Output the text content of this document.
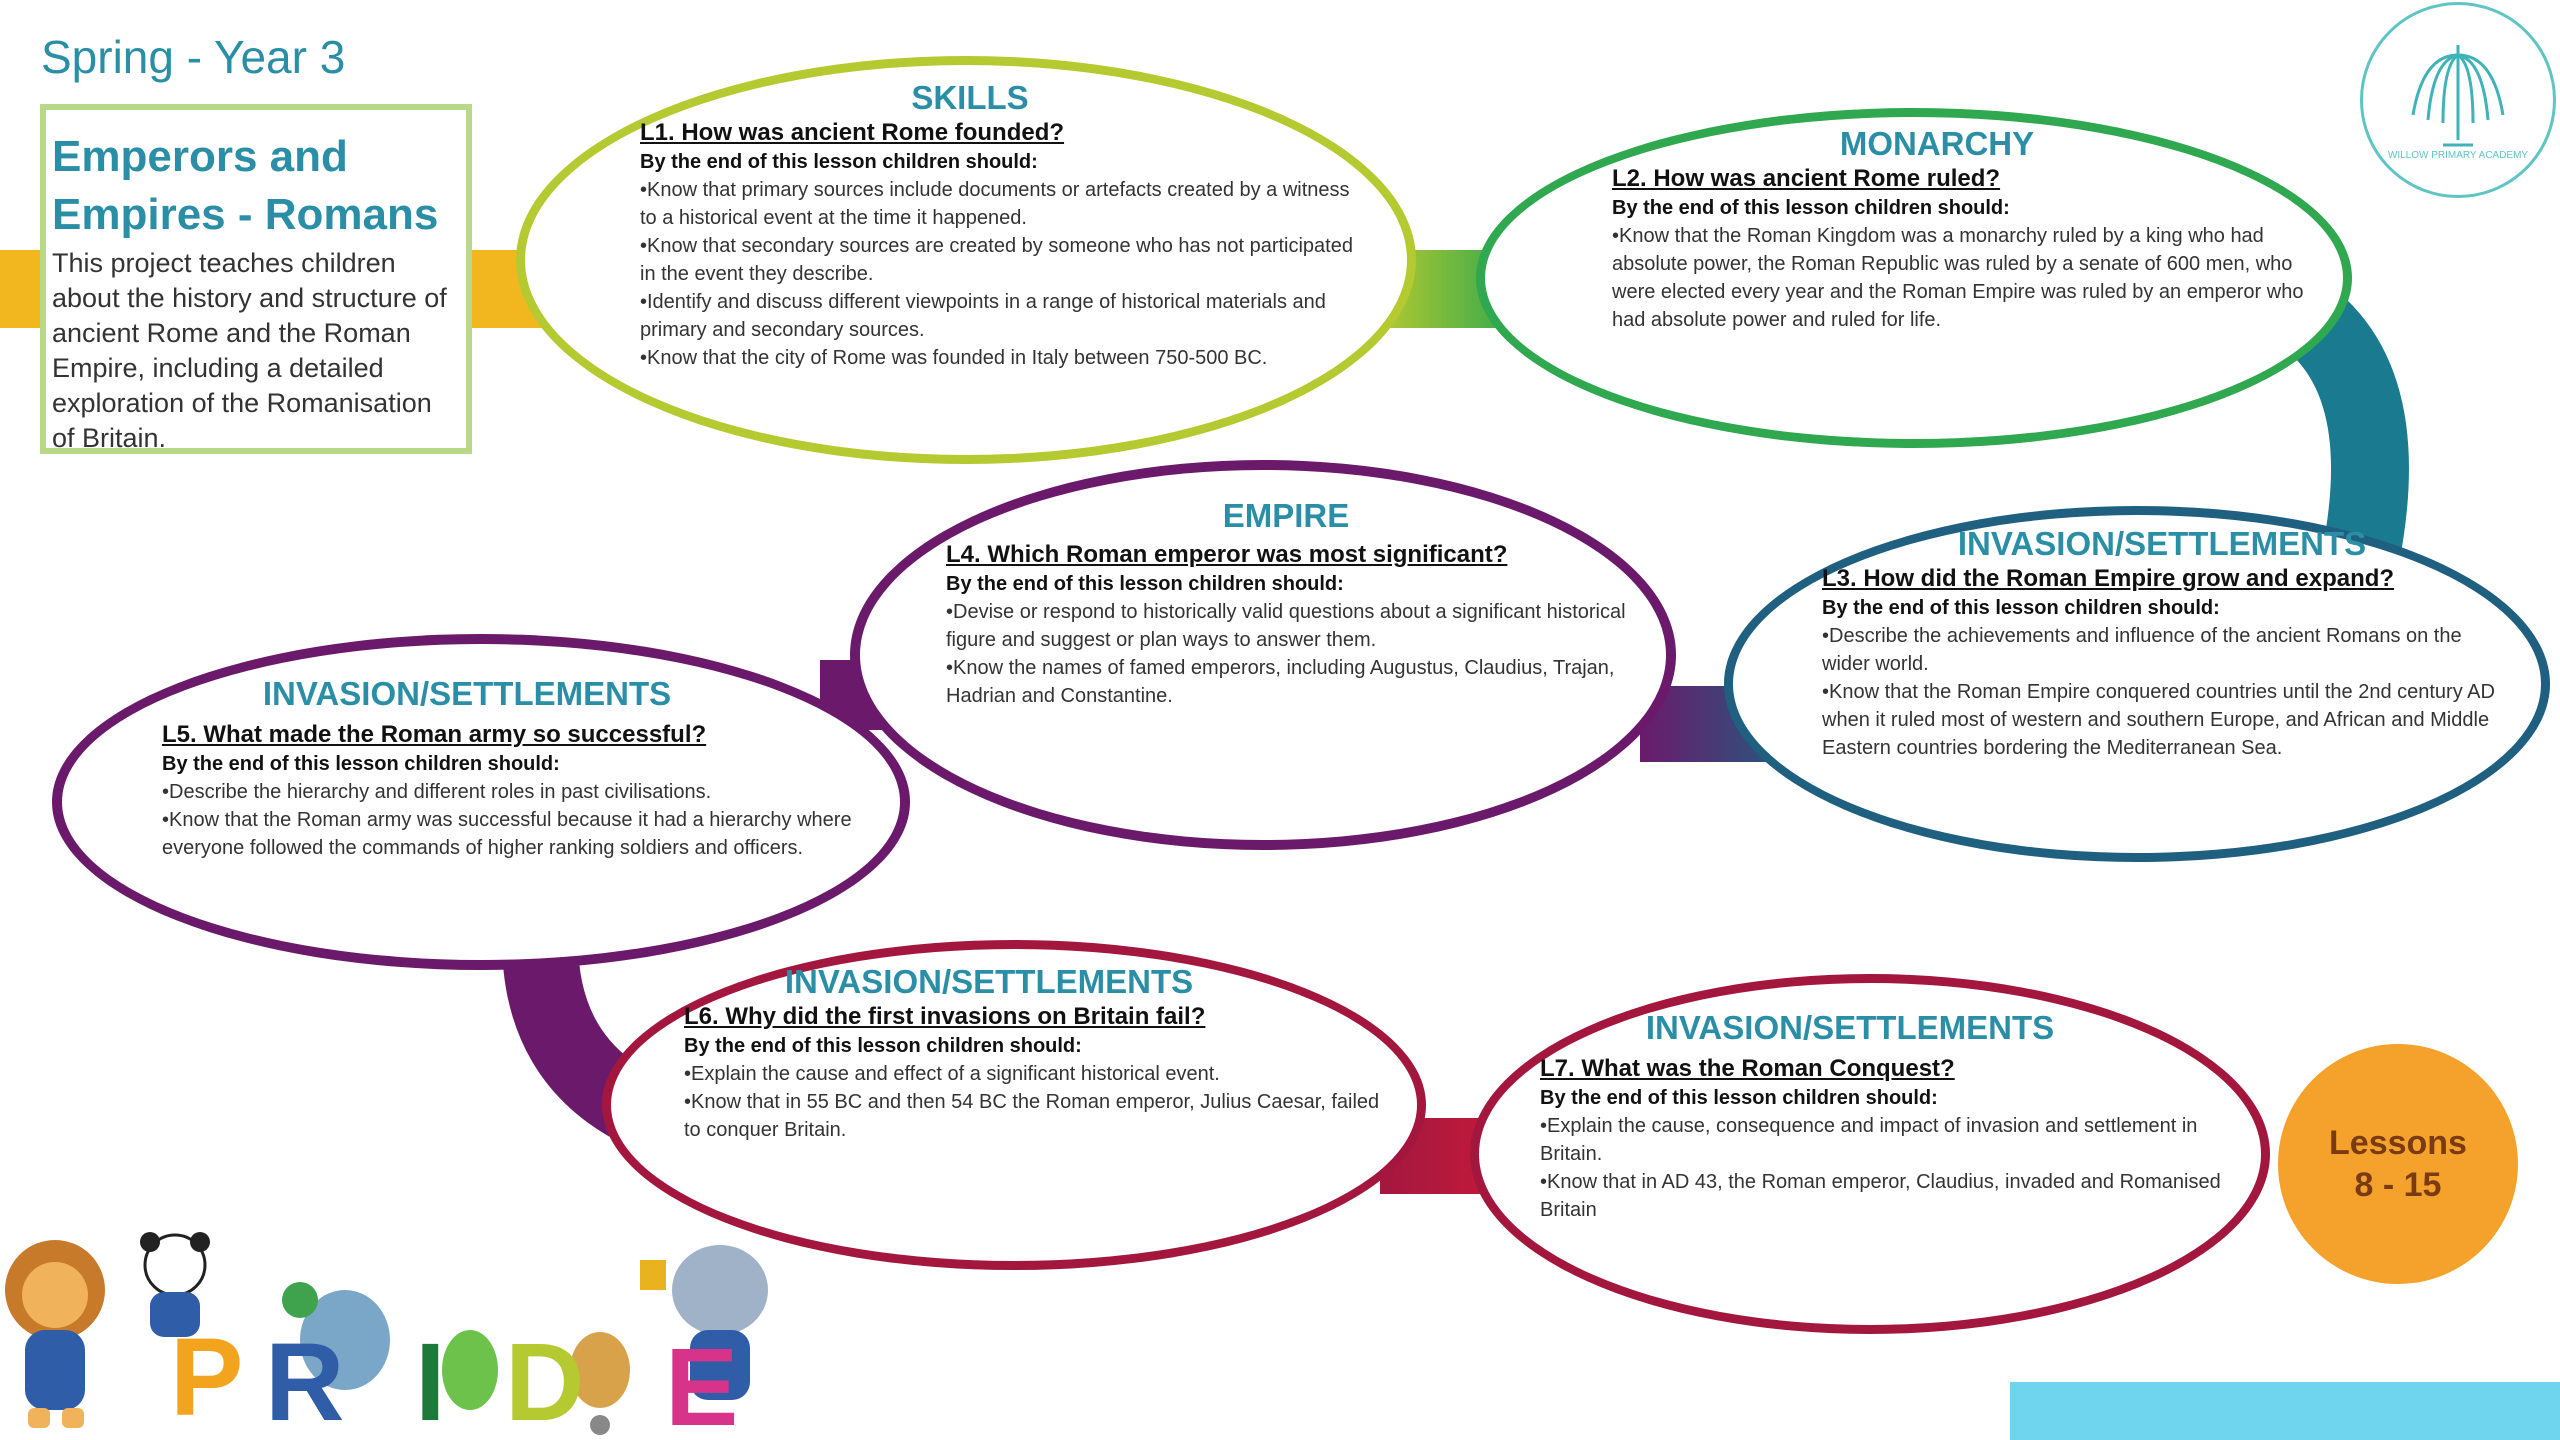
Spring - Year 3
Emperors and
Empires - Romans
This project teaches children about the history and structure of ancient Rome and the Roman Empire, including a detailed exploration of the Romanisation of Britain.
SKILLS
L1. How was ancient Rome founded?
By the end of this lesson children should:
•Know that primary sources include documents or artefacts created by a witness to a historical event at the time it happened.
•Know that secondary sources are created by someone who has not participated in the event they describe.
•Identify and discuss different viewpoints in a range of historical materials and primary and secondary sources.
•Know that the city of Rome was founded in Italy between 750-500 BC.
MONARCHY
L2. How was ancient Rome ruled?
By the end of this lesson children should:
•Know that the Roman Kingdom was a monarchy ruled by a king who had absolute power, the Roman Republic was ruled by a senate of 600 men, who were elected every year and the Roman Empire was ruled by an emperor who had absolute power and ruled for life.
INVASION/SETTLEMENTS
L3. How did the Roman Empire grow and expand?
By the end of this lesson children should:
•Describe the achievements and influence of the ancient Romans on the wider world.
•Know that the Roman Empire conquered countries until the 2nd century AD when it ruled most of western and southern Europe, and African and Middle Eastern countries bordering the Mediterranean Sea.
EMPIRE
L4. Which Roman emperor was most significant?
By the end of this lesson children should:
•Devise or respond to historically valid questions about a significant historical figure and suggest or plan ways to answer them.
•Know the names of famed emperors, including Augustus, Claudius, Trajan, Hadrian and Constantine.
INVASION/SETTLEMENTS
L5. What made the Roman army so successful?
By the end of this lesson children should:
•Describe the hierarchy and different roles in past civilisations.
•Know that the Roman army was successful because it had a hierarchy where everyone followed the commands of higher ranking soldiers and officers.
INVASION/SETTLEMENTS
L6. Why did the first invasions on Britain fail?
By the end of this lesson children should:
•Explain the cause and effect of a significant historical event.
•Know that in 55 BC and then 54 BC the Roman emperor, Julius Caesar, failed to conquer Britain.
INVASION/SETTLEMENTS
L7. What was the Roman Conquest?
By the end of this lesson children should:
•Explain the cause, consequence and impact of invasion and settlement in Britain.
•Know that in AD 43, the Roman emperor, Claudius, invaded and Romanised Britain
Lessons
8 - 15
WILLOW PRIMARY ACADEMY
P R I D E
